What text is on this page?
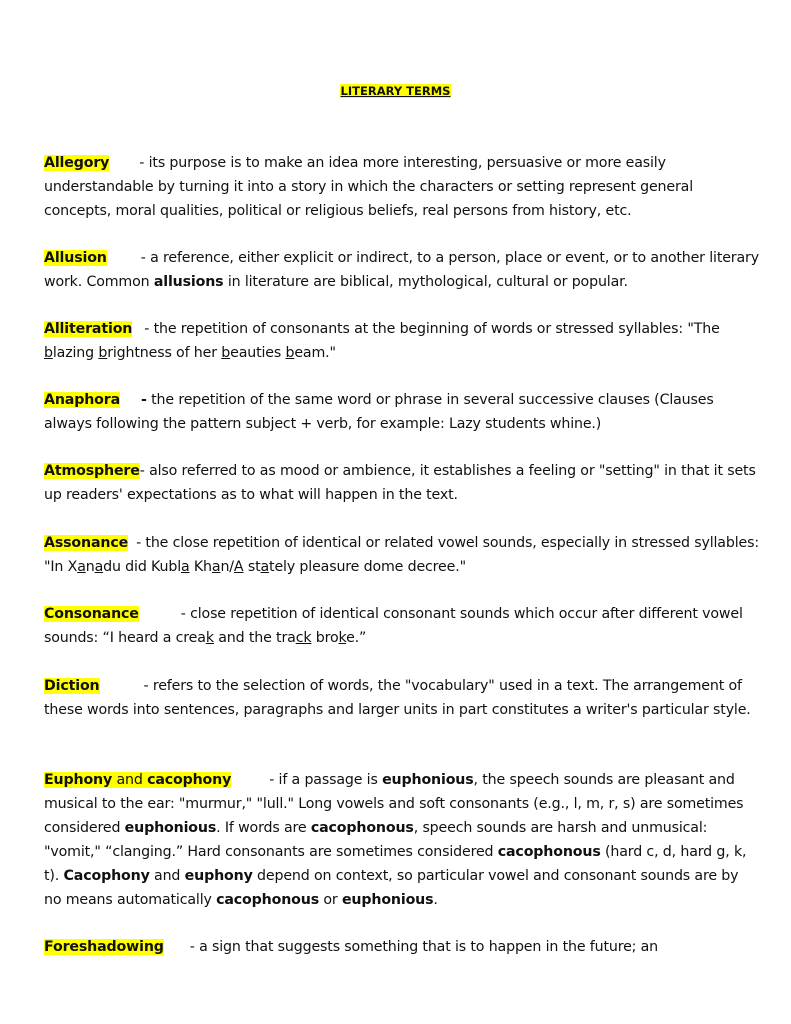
LITERARY TERMS
Allegory - its purpose is to make an idea more interesting, persuasive or more easily understandable by turning it into a story in which the characters or setting represent general concepts, moral qualities, political or religious beliefs, real persons from history, etc.
Allusion - a reference, either explicit or indirect, to a person, place or event, or to another literary work. Common allusions in literature are biblical, mythological, cultural or popular.
Alliteration - the repetition of consonants at the beginning of words or stressed syllables: "The blazing brightness of her beauties beam."
Anaphora - the repetition of the same word or phrase in several successive clauses (Clauses always following the pattern subject + verb, for example: Lazy students whine.)
Atmosphere- also referred to as mood or ambience, it establishes a feeling or "setting" in that it sets up readers' expectations as to what will happen in the text.
Assonance - the close repetition of identical or related vowel sounds, especially in stressed syllables: "In Xanadu did Kubla Khan/A stately pleasure dome decree."
Consonance	- close repetition of identical consonant sounds which occur after different vowel sounds: “I heard a creak and the track broke.”
Diction	- refers to the selection of words, the "vocabulary" used in a text. The arrangement of these words into sentences, paragraphs and larger units in part constitutes a writer's particular style.
Euphony and cacophony	- if a passage is euphonious, the speech sounds are pleasant and musical to the ear: "murmur," "lull." Long vowels and soft consonants (e.g., l, m, r, s) are sometimes considered euphonious. If words are cacophonous, speech sounds are harsh and unmusical: "vomit," “clanging.” Hard consonants are sometimes considered cacophonous (hard c, d, hard g, k, t). Cacophony and euphony depend on context, so particular vowel and consonant sounds are by no means automatically cacophonous or euphonious.
Foreshadowing - a sign that suggests something that is to happen in the future; an
